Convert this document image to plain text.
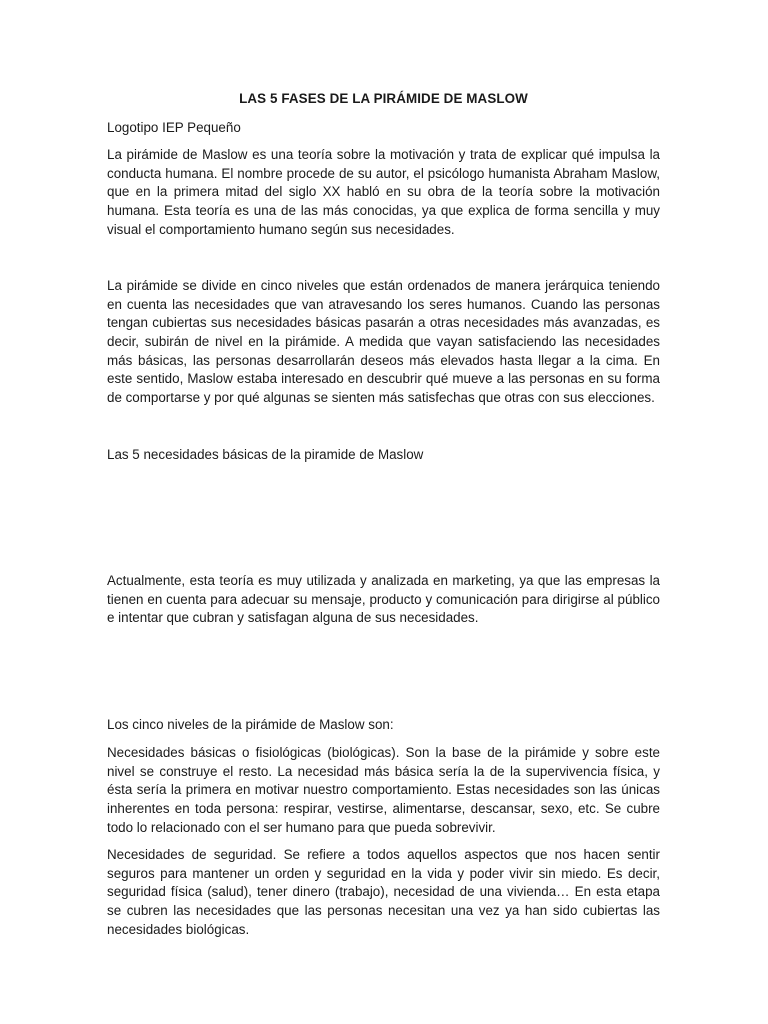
LAS 5 FASES DE LA PIRÁMIDE DE MASLOW
Logotipo IEP Pequeño

La pirámide de Maslow es una teoría sobre la motivación y trata de explicar qué impulsa la conducta humana. El nombre procede de su autor, el psicólogo humanista Abraham Maslow, que en la primera mitad del siglo XX habló en su obra de la teoría sobre la motivación humana. Esta teoría es una de las más conocidas, ya que explica de forma sencilla y muy visual el comportamiento humano según sus necesidades.

La pirámide se divide en cinco niveles que están ordenados de manera jerárquica teniendo en cuenta las necesidades que van atravesando los seres humanos. Cuando las personas tengan cubiertas sus necesidades básicas pasarán a otras necesidades más avanzadas, es decir, subirán de nivel en la pirámide. A medida que vayan satisfaciendo las necesidades más básicas, las personas desarrollarán deseos más elevados hasta llegar a la cima. En este sentido, Maslow estaba interesado en descubrir qué mueve a las personas en su forma de comportarse y por qué algunas se sienten más satisfechas que otras con sus elecciones.

Las 5 necesidades básicas de la piramide de Maslow

Actualmente, esta teoría es muy utilizada y analizada en marketing, ya que las empresas la tienen en cuenta para adecuar su mensaje, producto y comunicación para dirigirse al público e intentar que cubran y satisfagan alguna de sus necesidades.

Los cinco niveles de la pirámide de Maslow son:

Necesidades básicas o fisiológicas (biológicas). Son la base de la pirámide y sobre este nivel se construye el resto. La necesidad más básica sería la de la supervivencia física, y ésta sería la primera en motivar nuestro comportamiento. Estas necesidades son las únicas inherentes en toda persona: respirar, vestirse, alimentarse, descansar, sexo, etc. Se cubre todo lo relacionado con el ser humano para que pueda sobrevivir.

Necesidades de seguridad. Se refiere a todos aquellos aspectos que nos hacen sentir seguros para mantener un orden y seguridad en la vida y poder vivir sin miedo. Es decir, seguridad física (salud), tener dinero (trabajo), necesidad de una vivienda… En esta etapa se cubren las necesidades que las personas necesitan una vez ya han sido cubiertas las necesidades biológicas.
